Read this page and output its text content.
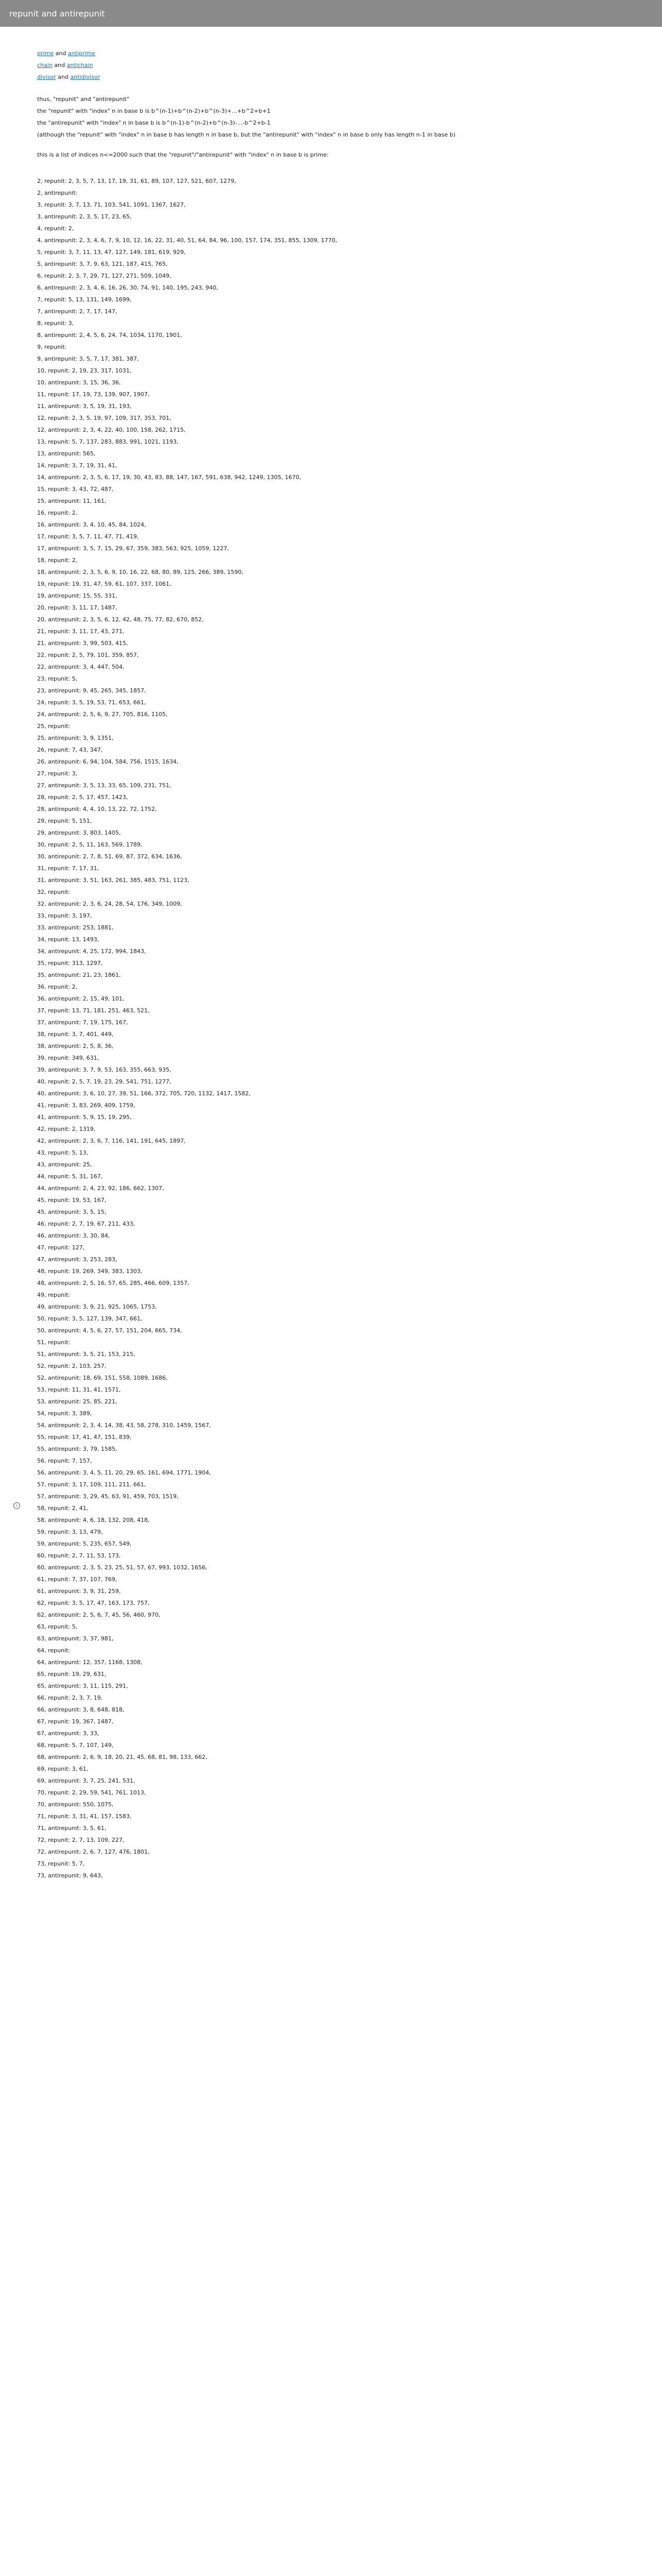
repunit and antirepunit
i
prime and antiprime
chain and antichain
divisor and antidivisor
thus, "repunit" and "antirepunit"
the "repunit" with "index" n in base b is b^(n-1)+b^(n-2)+b^(n-3)+...+b^2+b+1
the "antirepunit" with "index" n in base b is b^(n-1)-b^(n-2)+b^(n-3)-...-b^2+b-1
(although the "repunit" with "index" n in base b has length n in base b, but the "antirepunit" with "index" n in base b only has length n-1 in base b)
this is a list of indices n<=2000 such that the "repunit"/"antirepunit" with "index" n in base b is prime:
2, repunit: 2, 3, 5, 7, 13, 17, 19, 31, 61, 89, 107, 127, 521, 607, 1279,
2, antirepunit:
3, repunit: 3, 7, 13, 71, 103, 541, 1091, 1367, 1627,
3, antirepunit: 2, 3, 5, 17, 23, 65,
4, repunit: 2,
4, antirepunit: 2, 3, 4, 6, 7, 9, 10, 12, 16, 22, 31, 40, 51, 64, 84, 96, 100, 157, 174, 351, 855, 1309, 1770,
5, repunit: 3, 7, 11, 13, 47, 127, 149, 181, 619, 929,
5, antirepunit: 3, 7, 9, 63, 121, 187, 415, 765,
6, repunit: 2, 3, 7, 29, 71, 127, 271, 509, 1049,
6, antirepunit: 2, 3, 4, 6, 16, 26, 30, 74, 91, 140, 195, 243, 940,
7, repunit: 5, 13, 131, 149, 1699,
7, antirepunit: 2, 7, 17, 147,
8, repunit: 3,
8, antirepunit: 2, 4, 5, 6, 24, 74, 1034, 1170, 1901,
9, repunit:
9, antirepunit: 3, 5, 7, 17, 381, 387,
10, repunit: 2, 19, 23, 317, 1031,
10, antirepunit: 3, 15, 36, 36,
11, repunit: 17, 19, 73, 139, 907, 1907,
11, antirepunit: 3, 5, 19, 31, 193,
12, repunit: 2, 3, 5, 19, 97, 109, 317, 353, 701,
12, antirepunit: 2, 3, 4, 22, 40, 100, 158, 262, 1715,
13, repunit: 5, 7, 137, 283, 883, 991, 1021, 1193,
13, antirepunit: 565,
14, repunit: 3, 7, 19, 31, 41,
14, antirepunit: 2, 3, 5, 6, 17, 19, 30, 43, 83, 88, 147, 167, 591, 638, 942, 1249, 1305, 1670,
15, repunit: 3, 43, 72, 487,
15, antirepunit: 11, 161,
16, repunit: 2,
16, antirepunit: 3, 4, 10, 45, 84, 1024,
17, repunit: 3, 5, 7, 11, 47, 71, 419,
17, antirepunit: 3, 5, 7, 15, 29, 67, 359, 383, 563, 925, 1059, 1227,
18, repunit: 2,
18, antirepunit: 2, 3, 5, 6, 9, 10, 16, 22, 68, 80, 89, 125, 266, 389, 1590,
19, repunit: 19, 31, 47, 59, 61, 107, 337, 1061,
19, antirepunit: 15, 55, 331,
20, repunit: 3, 11, 17, 1487,
20, antirepunit: 2, 3, 5, 6, 12, 42, 48, 75, 77, 82, 670, 852,
21, repunit: 3, 11, 17, 43, 271,
21, antirepunit: 3, 99, 503, 415,
22, repunit: 2, 5, 79, 101, 359, 857,
22, antirepunit: 3, 4, 447, 504,
23, repunit: 5,
23, antirepunit: 9, 45, 265, 345, 1857,
24, repunit: 3, 5, 19, 53, 71, 653, 661,
24, antirepunit: 2, 5, 6, 9, 27, 705, 816, 1105,
25, repunit:
25, antirepunit: 3, 9, 1351,
26, repunit: 7, 43, 347,
26, antirepunit: 6, 94, 104, 584, 756, 1515, 1634,
27, repunit: 3,
27, antirepunit: 3, 5, 13, 33, 65, 109, 231, 751,
28, repunit: 2, 5, 17, 457, 1423,
28, antirepunit: 4, 4, 10, 13, 22, 72, 1752,
29, repunit: 5, 151,
29, antirepunit: 3, 803, 1405,
30, repunit: 2, 5, 11, 163, 569, 1789,
30, antirepunit: 2, 7, 8, 51, 69, 87, 372, 634, 1636,
31, repunit: 7, 17, 31,
31, antirepunit: 3, 51, 163, 261, 385, 483, 751, 1123,
32, repunit:
32, antirepunit: 2, 3, 6, 24, 28, 54, 176, 349, 1009,
33, repunit: 3, 197,
33, antirepunit: 253, 1881,
34, repunit: 13, 1493,
34, antirepunit: 4, 25, 172, 994, 1843,
35, repunit: 313, 1297,
35, antirepunit: 21, 23, 1861,
36, repunit: 2,
36, antirepunit: 2, 15, 49, 101,
37, repunit: 13, 71, 181, 251, 463, 521,
37, antirepunit: 7, 19, 175, 167,
38, repunit: 3, 7, 401, 449,
38, antirepunit: 2, 5, 8, 36,
39, repunit: 349, 631,
39, antirepunit: 3, 7, 9, 53, 163, 355, 663, 935,
40, repunit: 2, 5, 7, 19, 23, 29, 541, 751, 1277,
40, antirepunit: 3, 6, 10, 27, 39, 51, 166, 372, 705, 720, 1132, 1417, 1582,
41, repunit: 3, 83, 269, 409, 1759,
41, antirepunit: 5, 9, 15, 19, 295,
42, repunit: 2, 1319,
42, antirepunit: 2, 3, 6, 7, 116, 141, 191, 645, 1897,
43, repunit: 5, 13,
43, antirepunit: 25,
44, repunit: 5, 31, 167,
44, antirepunit: 2, 4, 23, 92, 186, 662, 1307,
45, repunit: 19, 53, 167,
45, antirepunit: 3, 5, 15,
46, repunit: 2, 7, 19, 67, 211, 433,
46, antirepunit: 3, 30, 84,
47, repunit: 127,
47, antirepunit: 3, 253, 283,
48, repunit: 19, 269, 349, 383, 1303,
48, antirepunit: 2, 5, 16, 57, 65, 285, 466, 609, 1357,
49, repunit:
49, antirepunit: 3, 9, 21, 925, 1065, 1753,
50, repunit: 3, 5, 127, 139, 347, 661,
50, antirepunit: 4, 5, 6, 27, 57, 151, 204, 665, 734,
51, repunit:
51, antirepunit: 3, 5, 21, 153, 215,
52, repunit: 2, 103, 257,
52, antirepunit: 18, 69, 151, 558, 1089, 1686,
53, repunit: 11, 31, 41, 1571,
53, antirepunit: 25, 85, 221,
54, repunit: 3, 389,
54, antirepunit: 2, 3, 4, 14, 38, 43, 58, 278, 310, 1459, 1567,
55, repunit: 17, 41, 47, 151, 839,
55, antirepunit: 3, 79, 1585,
56, repunit: 7, 157,
56, antirepunit: 3, 4, 5, 11, 20, 29, 65, 161, 694, 1771, 1904,
57, repunit: 3, 17, 109, 111, 211, 661,
57, antirepunit: 3, 29, 45, 63, 91, 459, 703, 1519,
58, repunit: 2, 41,
58, antirepunit: 4, 6, 18, 132, 208, 418,
59, repunit: 3, 13, 479,
59, antirepunit: 5, 235, 657, 549,
60, repunit: 2, 7, 11, 53, 173,
60, antirepunit: 2, 3, 5, 23, 25, 51, 57, 67, 993, 1032, 1656,
61, repunit: 7, 37, 107, 769,
61, antirepunit: 3, 9, 31, 259,
62, repunit: 3, 5, 17, 47, 163, 173, 757,
62, antirepunit: 2, 5, 6, 7, 45, 56, 460, 970,
63, repunit: 5,
63, antirepunit: 3, 37, 981,
64, repunit:
64, antirepunit: 12, 357, 1168, 1308,
65, repunit: 19, 29, 631,
65, antirepunit: 3, 11, 115, 291,
66, repunit: 2, 3, 7, 19,
66, antirepunit: 3, 8, 648, 818,
67, repunit: 19, 367, 1487,
67, antirepunit: 3, 33,
68, repunit: 5, 7, 107, 149,
68, antirepunit: 2, 6, 9, 18, 20, 21, 45, 68, 81, 98, 133, 662,
69, repunit: 3, 61,
69, antirepunit: 3, 7, 25, 241, 531,
70, repunit: 2, 29, 59, 541, 761, 1013,
70, antirepunit: 550, 1075,
71, repunit: 3, 31, 41, 157, 1583,
71, antirepunit: 3, 5, 61,
72, repunit: 2, 7, 13, 109, 227,
72, antirepunit: 2, 6, 7, 127, 476, 1801,
73, repunit: 5, 7,
73, antirepunit: 9, 643,
